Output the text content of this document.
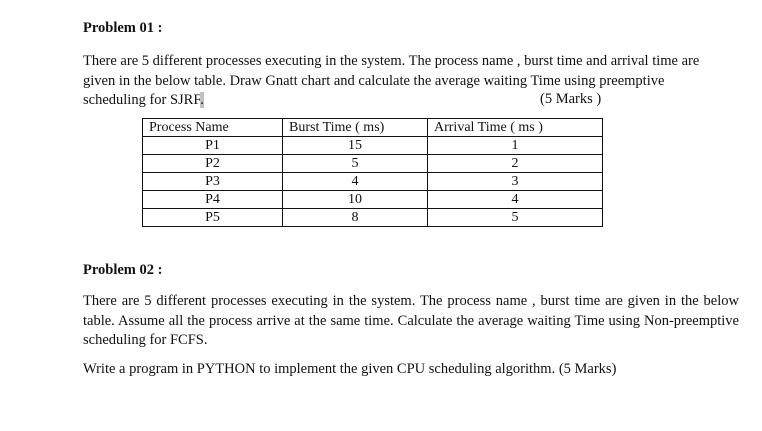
Problem 01 :
There are 5 different processes executing in the system. The process name , burst time and arrival time are
given in the below table. Draw Gnatt chart and calculate the average waiting Time using preemptive
scheduling for SJRF.	(5 Marks )
Process Name	Burst Time ( ms)	Arrival Time ( ms )
P1	15	1
P2	5	2
P3	4	3
P4	10	4
P5	8	5
Problem 02 :
There are 5 different processes executing in the system. The process name , burst time are given in the below table. Assume all the process arrive at the same time. Calculate the average waiting Time using Non-preemptive scheduling for FCFS.
Write a program in PYTHON to implement the given CPU scheduling algorithm. (5 Marks)
